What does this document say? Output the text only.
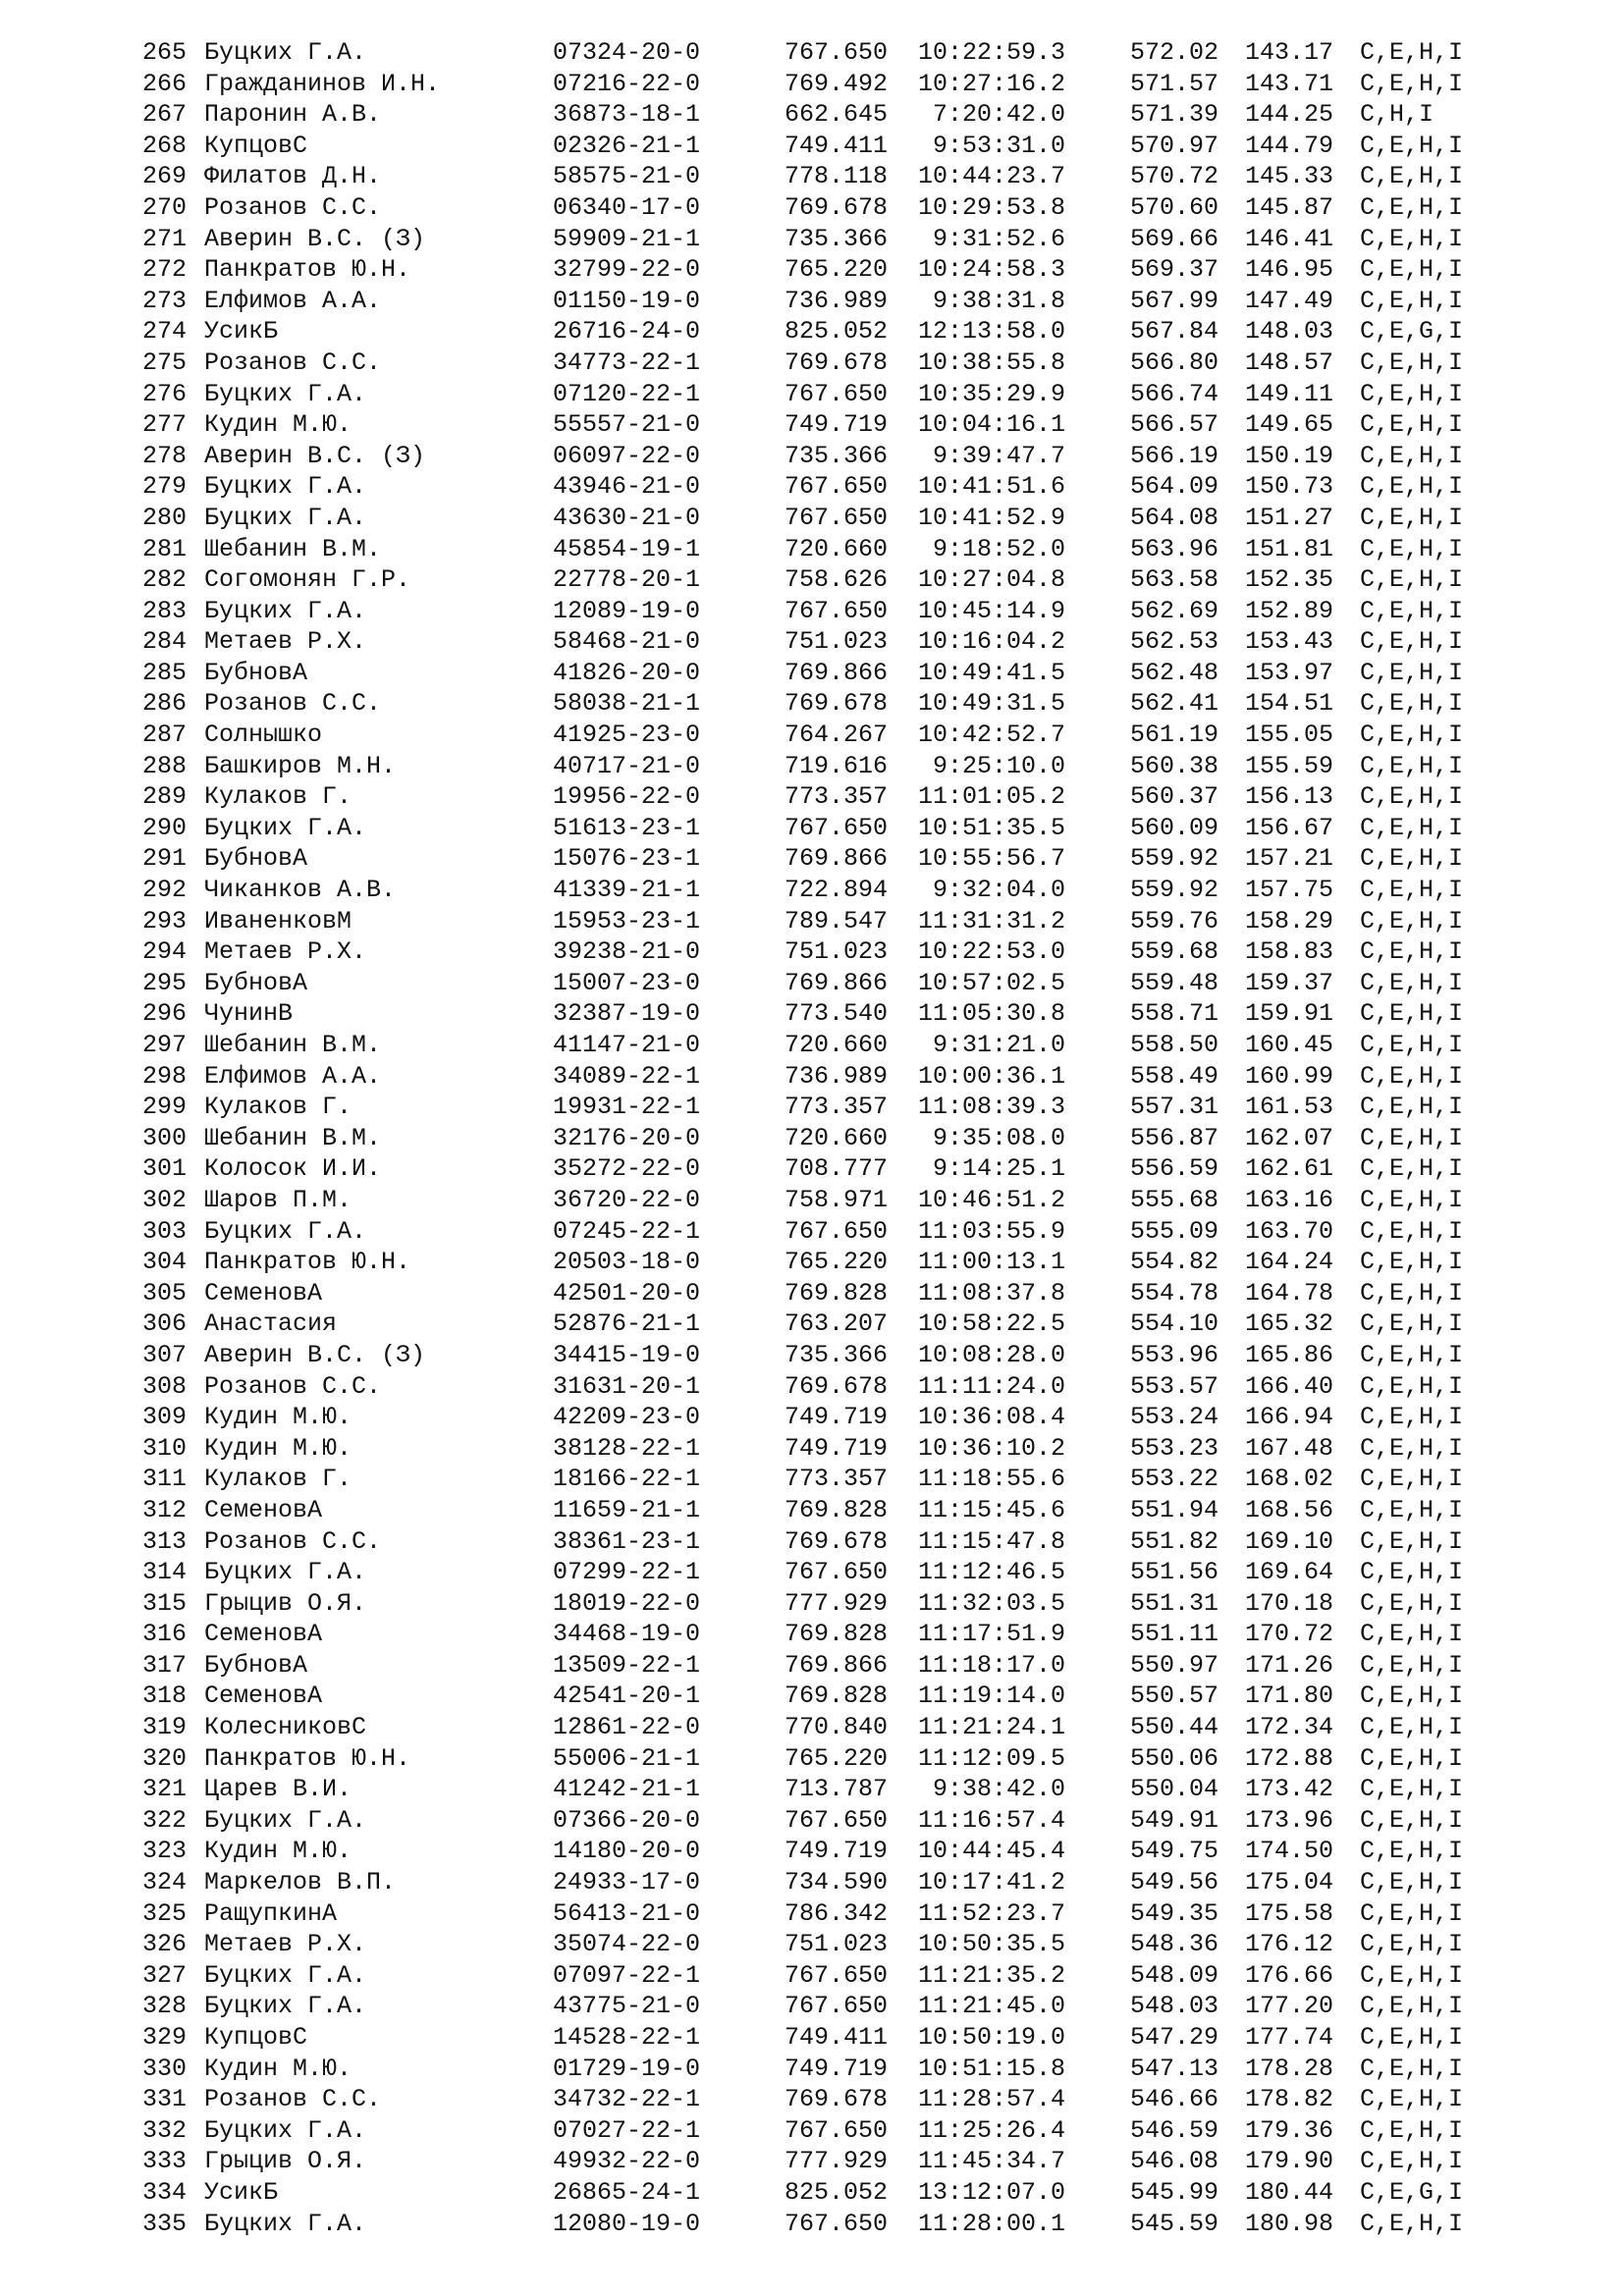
265 Буцких Г.А.	07324-20-0	767.650 10:22:59.3	572.02 143.17 C,E,H,I
266 Гражданинов И.Н.	07216-22-0	769.492 10:27:16.2	571.57 143.71 C,E,H,I
267 Паронин А.В.	36873-18-1	662.645 7:20:42.0	571.39 144.25 C,H,I
268 КупцовС	02326-21-1	749.411 9:53:31.0	570.97 144.79 C,E,H,I
269 Филатов Д.Н.	58575-21-0	778.118 10:44:23.7	570.72 145.33 C,E,H,I
270 Розанов С.С.	06340-17-0	769.678 10:29:53.8	570.60 145.87 C,E,H,I
271 Аверин В.С. (З)	59909-21-1	735.366 9:31:52.6	569.66 146.41 C,E,H,I
272 Панкратов Ю.Н.	32799-22-0	765.220 10:24:58.3	569.37 146.95 C,E,H,I
273 Елфимов А.А.	01150-19-0	736.989 9:38:31.8	567.99 147.49 C,E,H,I
274 УсикБ	26716-24-0	825.052 12:13:58.0	567.84 148.03 C,E,G,I
275 Розанов С.С.	34773-22-1	769.678 10:38:55.8	566.80 148.57 C,E,H,I
276 Буцких Г.А.	07120-22-1	767.650 10:35:29.9	566.74 149.11 C,E,H,I
277 Кудин М.Ю.	55557-21-0	749.719 10:04:16.1	566.57 149.65 C,E,H,I
278 Аверин В.С. (З)	06097-22-0	735.366 9:39:47.7	566.19 150.19 C,E,H,I
279 Буцких Г.А.	43946-21-0	767.650 10:41:51.6	564.09 150.73 C,E,H,I
280 Буцких Г.А.	43630-21-0	767.650 10:41:52.9	564.08 151.27 C,E,H,I
281 Шебанин В.М.	45854-19-1	720.660 9:18:52.0	563.96 151.81 C,E,H,I
282 Согомонян Г.Р.	22778-20-1	758.626 10:27:04.8	563.58 152.35 C,E,H,I
283 Буцких Г.А.	12089-19-0	767.650 10:45:14.9	562.69 152.89 C,E,H,I
284 Метаев Р.Х.	58468-21-0	751.023 10:16:04.2	562.53 153.43 C,E,H,I
285 БубновА	41826-20-0	769.866 10:49:41.5	562.48 153.97 C,E,H,I
286 Розанов С.С.	58038-21-1	769.678 10:49:31.5	562.41 154.51 C,E,H,I
287 Солнышко	41925-23-0	764.267 10:42:52.7	561.19 155.05 C,E,H,I
288 Башкиров М.Н.	40717-21-0	719.616 9:25:10.0	560.38 155.59 C,E,H,I
289 Кулаков Г.	19956-22-0	773.357 11:01:05.2	560.37 156.13 C,E,H,I
290 Буцких Г.А.	51613-23-1	767.650 10:51:35.5	560.09 156.67 C,E,H,I
291 БубновА	15076-23-1	769.866 10:55:56.7	559.92 157.21 C,E,H,I
292 Чиканков А.В.	41339-21-1	722.894 9:32:04.0	559.92 157.75 C,E,H,I
293 ИваненковМ	15953-23-1	789.547 11:31:31.2	559.76 158.29 C,E,H,I
294 Метаев Р.Х.	39238-21-0	751.023 10:22:53.0	559.68 158.83 C,E,H,I
295 БубновА	15007-23-0	769.866 10:57:02.5	559.48 159.37 C,E,H,I
296 ЧунинВ	32387-19-0	773.540 11:05:30.8	558.71 159.91 C,E,H,I
297 Шебанин В.М.	41147-21-0	720.660 9:31:21.0	558.50 160.45 C,E,H,I
298 Елфимов А.А.	34089-22-1	736.989 10:00:36.1	558.49 160.99 C,E,H,I
299 Кулаков Г.	19931-22-1	773.357 11:08:39.3	557.31 161.53 C,E,H,I
300 Шебанин В.М.	32176-20-0	720.660 9:35:08.0	556.87 162.07 C,E,H,I
301 Колосок И.И.	35272-22-0	708.777 9:14:25.1	556.59 162.61 C,E,H,I
302 Шаров П.М.	36720-22-0	758.971 10:46:51.2	555.68 163.16 C,E,H,I
303 Буцких Г.А.	07245-22-1	767.650 11:03:55.9	555.09 163.70 C,E,H,I
304 Панкратов Ю.Н.	20503-18-0	765.220 11:00:13.1	554.82 164.24 C,E,H,I
305 СеменовА	42501-20-0	769.828 11:08:37.8	554.78 164.78 C,E,H,I
306 Анастасия	52876-21-1	763.207 10:58:22.5	554.10 165.32 C,E,H,I
307 Аверин В.С. (З)	34415-19-0	735.366 10:08:28.0	553.96 165.86 C,E,H,I
308 Розанов С.С.	31631-20-1	769.678 11:11:24.0	553.57 166.40 C,E,H,I
309 Кудин М.Ю.	42209-23-0	749.719 10:36:08.4	553.24 166.94 C,E,H,I
310 Кудин М.Ю.	38128-22-1	749.719 10:36:10.2	553.23 167.48 C,E,H,I
311 Кулаков Г.	18166-22-1	773.357 11:18:55.6	553.22 168.02 C,E,H,I
312 СеменовА	11659-21-1	769.828 11:15:45.6	551.94 168.56 C,E,H,I
313 Розанов С.С.	38361-23-1	769.678 11:15:47.8	551.82 169.10 C,E,H,I
314 Буцких Г.А.	07299-22-1	767.650 11:12:46.5	551.56 169.64 C,E,H,I
315 Грыцив О.Я.	18019-22-0	777.929 11:32:03.5	551.31 170.18 C,E,H,I
316 СеменовА	34468-19-0	769.828 11:17:51.9	551.11 170.72 C,E,H,I
317 БубновА	13509-22-1	769.866 11:18:17.0	550.97 171.26 C,E,H,I
318 СеменовА	42541-20-1	769.828 11:19:14.0	550.57 171.80 C,E,H,I
319 КолесниковС	12861-22-0	770.840 11:21:24.1	550.44 172.34 C,E,H,I
320 Панкратов Ю.Н.	55006-21-1	765.220 11:12:09.5	550.06 172.88 C,E,H,I
321 Царев В.И.	41242-21-1	713.787 9:38:42.0	550.04 173.42 C,E,H,I
322 Буцких Г.А.	07366-20-0	767.650 11:16:57.4	549.91 173.96 C,E,H,I
323 Кудин М.Ю.	14180-20-0	749.719 10:44:45.4	549.75 174.50 C,E,H,I
324 Маркелов В.П.	24933-17-0	734.590 10:17:41.2	549.56 175.04 C,E,H,I
325 РащупкинА	56413-21-0	786.342 11:52:23.7	549.35 175.58 C,E,H,I
326 Метаев Р.Х.	35074-22-0	751.023 10:50:35.5	548.36 176.12 C,E,H,I
327 Буцких Г.А.	07097-22-1	767.650 11:21:35.2	548.09 176.66 C,E,H,I
328 Буцких Г.А.	43775-21-0	767.650 11:21:45.0	548.03 177.20 C,E,H,I
329 КупцовС	14528-22-1	749.411 10:50:19.0	547.29 177.74 C,E,H,I
330 Кудин М.Ю.	01729-19-0	749.719 10:51:15.8	547.13 178.28 C,E,H,I
331 Розанов С.С.	34732-22-1	769.678 11:28:57.4	546.66 178.82 C,E,H,I
332 Буцких Г.А.	07027-22-1	767.650 11:25:26.4	546.59 179.36 C,E,H,I
333 Грыцив О.Я.	49932-22-0	777.929 11:45:34.7	546.08 179.90 C,E,H,I
334 УсикБ	26865-24-1	825.052 13:12:07.0	545.99 180.44 C,E,G,I
335 Буцких Г.А.	12080-19-0	767.650 11:28:00.1	545.59 180.98 C,E,H,I
